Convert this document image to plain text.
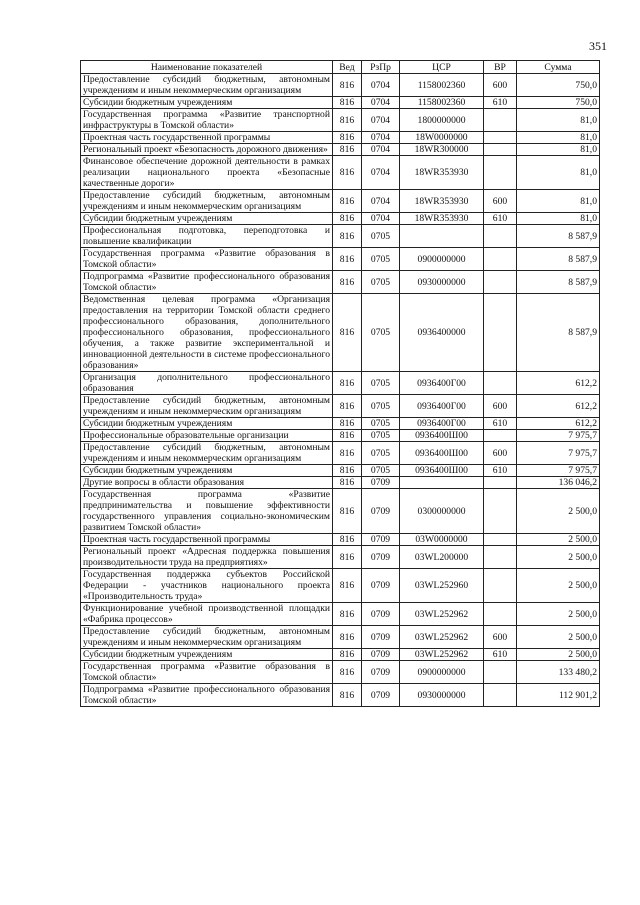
351
Наименование показателей	Вед	РзПр	ЦСР	ВР	Сумма
Предоставление субсидий бюджетным, автономным учреждениям и иным некоммерческим организациям	816	0704	1158002360	600	750,0
Субсидии бюджетным учреждениям	816	0704	1158002360	610	750,0
Государственная программа «Развитие транспортной инфраструктуры в Томской области»	816	0704	1800000000		81,0
Проектная часть государственной программы	816	0704	18W0000000		81,0
Региональный проект «Безопасность дорожного движения»	816	0704	18WR300000		81,0
Финансовое обеспечение дорожной деятельности в рамках реализации национального проекта «Безопасные качественные дороги»	816	0704	18WR353930		81,0
Предоставление субсидий бюджетным, автономным учреждениям и иным некоммерческим организациям	816	0704	18WR353930	600	81,0
Субсидии бюджетным учреждениям	816	0704	18WR353930	610	81,0
Профессиональная подготовка, переподготовка и повышение квалификации	816	0705			8 587,9
Государственная программа «Развитие образования в Томской области»	816	0705	0900000000		8 587,9
Подпрограмма «Развитие профессионального образования Томской области»	816	0705	0930000000		8 587,9
Ведомственная целевая программа «Организация предоставления на территории Томской области среднего профессионального образования, дополнительного профессионального образования, профессионального обучения, а также развитие экспериментальной и инновационной деятельности в системе профессионального образования»	816	0705	0936400000		8 587,9
Организация дополнительного профессионального образования	816	0705	0936400Г00		612,2
Предоставление субсидий бюджетным, автономным учреждениям и иным некоммерческим организациям	816	0705	0936400Г00	600	612,2
Субсидии бюджетным учреждениям	816	0705	0936400Г00	610	612,2
Профессиональные образовательные организации	816	0705	0936400Ш00		7 975,7
Предоставление субсидий бюджетным, автономным учреждениям и иным некоммерческим организациям	816	0705	0936400Ш00	600	7 975,7
Субсидии бюджетным учреждениям	816	0705	0936400Ш00	610	7 975,7
Другие вопросы в области образования	816	0709			136 046,2
Государственная программа «Развитие предпринимательства и повышение эффективности государственного управления социально-экономическим развитием Томской области»	816	0709	0300000000		2 500,0
Проектная часть государственной программы	816	0709	03W0000000		2 500,0
Региональный проект «Адресная поддержка повышения производительности труда на предприятиях»	816	0709	03WL200000		2 500,0
Государственная поддержка субъектов Российской Федерации - участников национального проекта «Производительность труда»	816	0709	03WL252960		2 500,0
Функционирование учебной производственной площадки «Фабрика процессов»	816	0709	03WL252962		2 500,0
Предоставление субсидий бюджетным, автономным учреждениям и иным некоммерческим организациям	816	0709	03WL252962	600	2 500,0
Субсидии бюджетным учреждениям	816	0709	03WL252962	610	2 500,0
Государственная программа «Развитие образования в Томской области»	816	0709	0900000000		133 480,2
Подпрограмма «Развитие профессионального образования Томской области»	816	0709	0930000000		112 901,2
